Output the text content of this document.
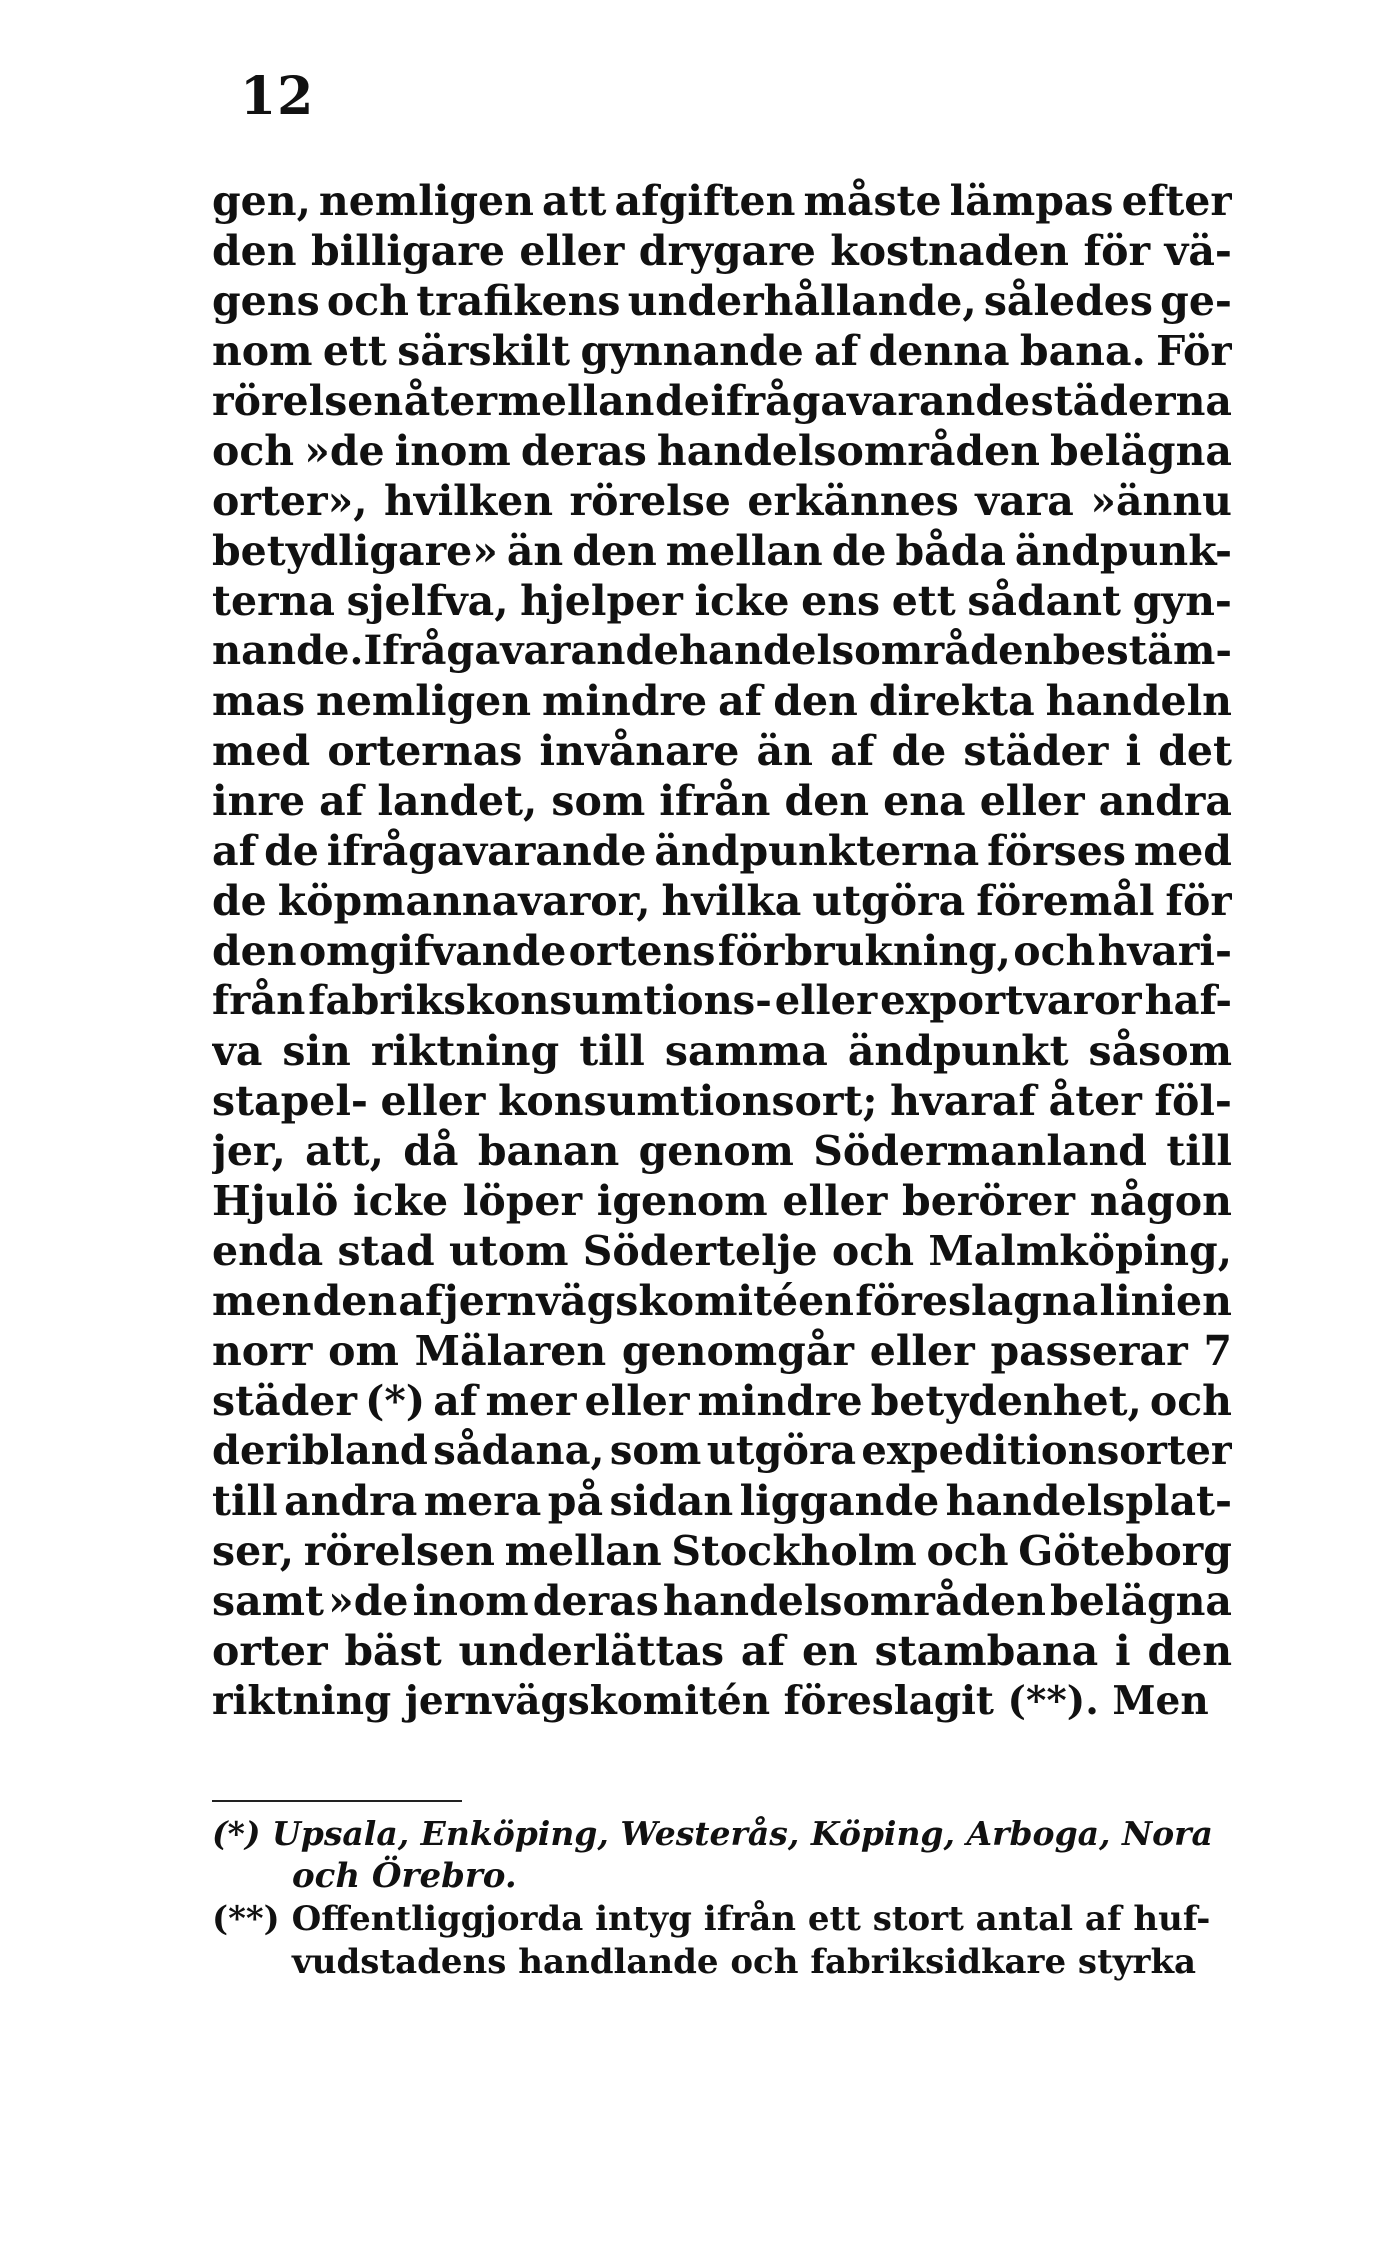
12
gen, nemligen att afgiften måste lämpas efter
den billigare eller drygare kostnaden för vä-
gens och trafikens underhållande, således ge-
nom ett särskilt gynnande af denna bana. För
rörelsen åter mellan de ifrågavarande städerna
och »de inom deras handelsområden belägna
orter», hvilken rörelse erkännes vara »ännu
betydligare» än den mellan de båda ändpunk-
terna sjelfva, hjelper icke ens ett sådant gyn-
nande. Ifrågavarande handelsområden bestäm-
mas nemligen mindre af den direkta handeln
med orternas invånare än af de städer i det
inre af landet, som ifrån den ena eller andra
af de ifrågavarande ändpunkterna förses med
de köpmannavaror, hvilka utgöra föremål för
den omgifvande ortens förbrukning, och hvari-
från fabrikskonsumtions- eller exportvaror haf-
va sin riktning till samma ändpunkt såsom
stapel- eller konsumtionsort; hvaraf åter föl-
jer, att, då banan genom Södermanland till
Hjulö icke löper igenom eller berörer någon
enda stad utom Södertelje och Malmköping,
men den af jernvägskomitéen föreslagna linien
norr om Mälaren genomgår eller passerar 7
städer (*) af mer eller mindre betydenhet, och
deribland sådana, som utgöra expeditionsorter
till andra mera på sidan liggande handelsplat-
ser, rörelsen mellan Stockholm och Göteborg
samt »de inom deras handelsområden belägna
orter bäst underlättas af en stambana i den
riktning jernvägskomitén föreslagit (**). Men
(*) Upsala, Enköping, Westerås, Köping, Arboga, Nora
och Örebro.
(**) Offentliggjorda intyg ifrån ett stort antal af huf-
vudstadens handlande och fabriksidkare styrka
